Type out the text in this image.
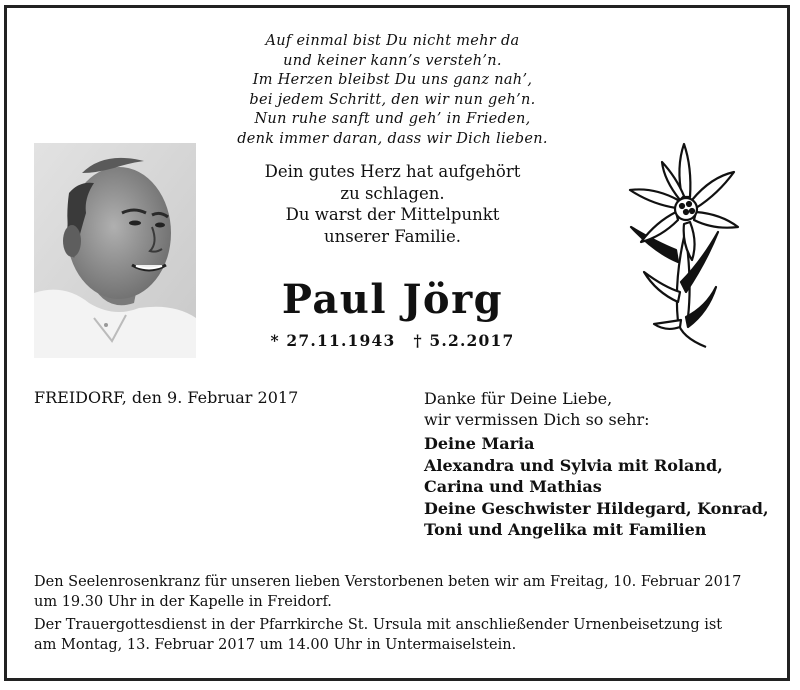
Auf einmal bist Du nicht mehr da
und keiner kann’s versteh’n.
Im Herzen bleibst Du uns ganz nah’,
bei jedem Schritt, den wir nun geh’n.
Nun ruhe sanft und geh’ in Frieden,
denk immer daran, dass wir Dich lieben.
Dein gutes Herz hat aufgehört
zu schlagen.
Du warst der Mittelpunkt
unserer Familie.
Paul Jörg
* 27.11.1943 † 5.2.2017
FREIDORF, den 9. Februar 2017	Danke für Deine Liebe,
wir vermissen Dich so sehr:
Deine Maria
Alexandra und Sylvia mit Roland,
Carina und Mathias
Deine Geschwister Hildegard, Konrad,
Toni und Angelika mit Familien
Den Seelenrosenkranz für unseren lieben Verstorbenen beten wir am Freitag, 10. Februar 2017
um 19.30 Uhr in der Kapelle in Freidorf.
Der Trauergottesdienst in der Pfarrkirche St. Ursula mit anschließender Urnenbeisetzung ist
am Montag, 13. Februar 2017 um 14.00 Uhr in Untermaiselstein.
